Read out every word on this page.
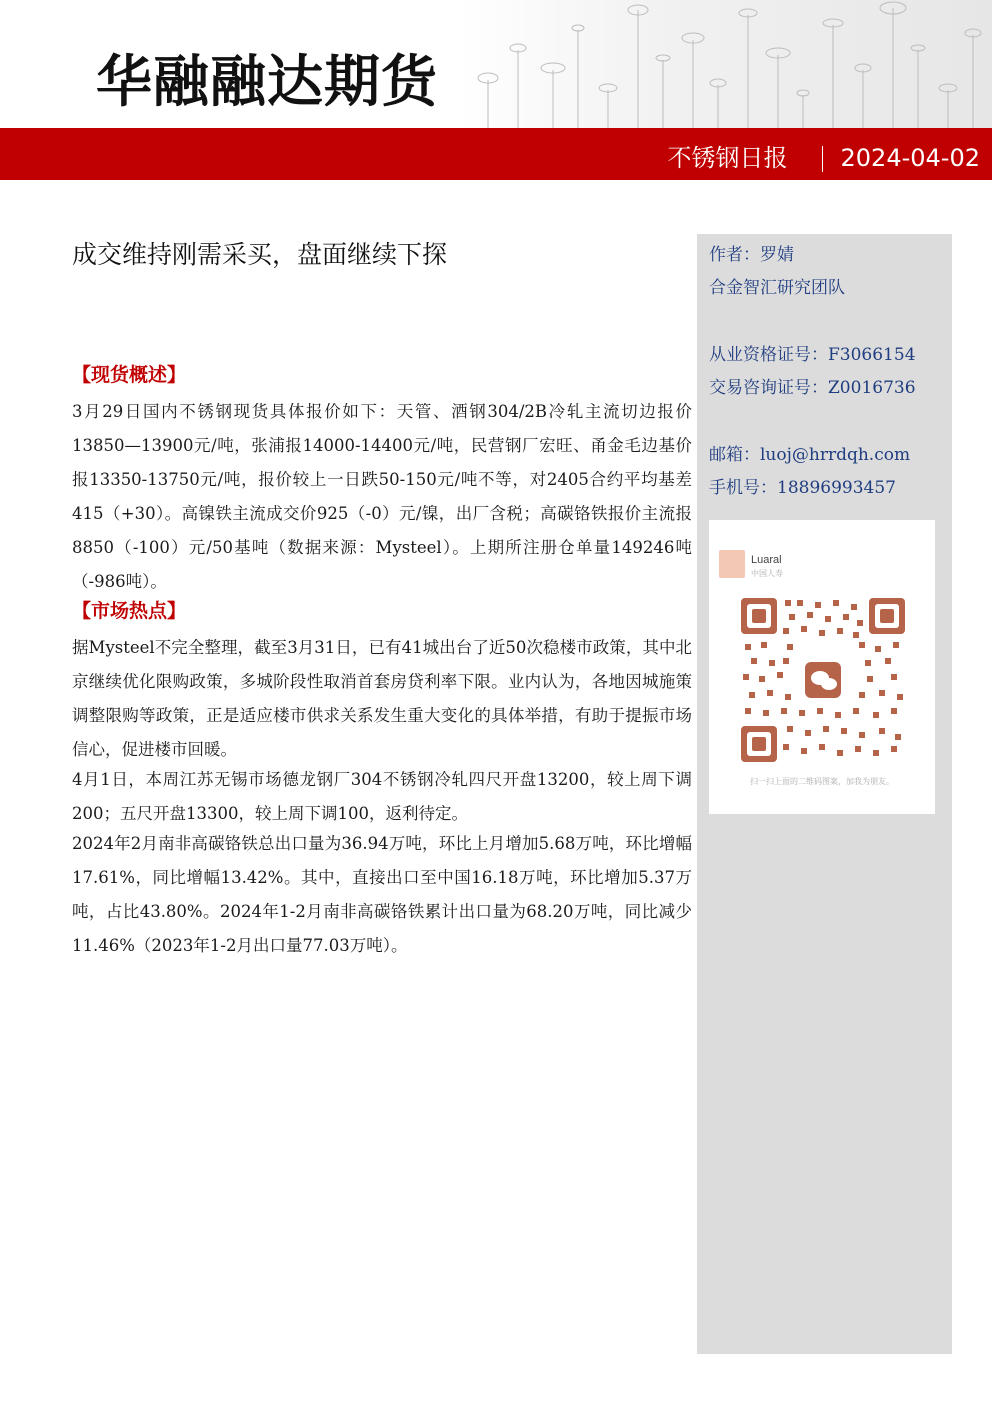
华融融达期货
不锈钢日报 2024-04-02
成交维持刚需采买，盘面继续下探
【现货概述】
3月29日国内不锈钢现货具体报价如下：天管、酒钢304/2B冷轧主流切边报价13850—13900元/吨，张浦报14000-14400元/吨，民营钢厂宏旺、甬金毛边基价报13350-13750元/吨，报价较上一日跌50-150元/吨不等，对2405合约平均基差415（+30）。高镍铁主流成交价925（-0）元/镍，出厂含税；高碳铬铁报价主流报8850（-100）元/50基吨（数据来源：Mysteel）。上期所注册仓单量149246吨（-986吨）。
【市场热点】
据Mysteel不完全整理，截至3月31日，已有41城出台了近50次稳楼市政策，其中北京继续优化限购政策，多城阶段性取消首套房贷利率下限。业内认为，各地因城施策调整限购等政策，正是适应楼市供求关系发生重大变化的具体举措，有助于提振市场信心，促进楼市回暖。
4月1日，本周江苏无锡市场德龙钢厂304不锈钢冷轧四尺开盘13200，较上周下调200；五尺开盘13300，较上周下调100，返利待定。
2024年2月南非高碳铬铁总出口量为36.94万吨，环比上月增加5.68万吨，环比增幅17.61%，同比增幅13.42%。其中，直接出口至中国16.18万吨，环比增加5.37万吨，占比43.80%。2024年1-2月南非高碳铬铁累计出口量为68.20万吨，同比减少11.46%（2023年1-2月出口量77.03万吨）。
作者：罗婧
合金智汇研究团队
从业资格证号：F3066154
交易咨询证号：Z0016736
邮箱：luoj@hrrdqh.com
手机号：18896993457
Luaral
中国人寿
扫一扫上面的二维码图案，加我为朋友。
